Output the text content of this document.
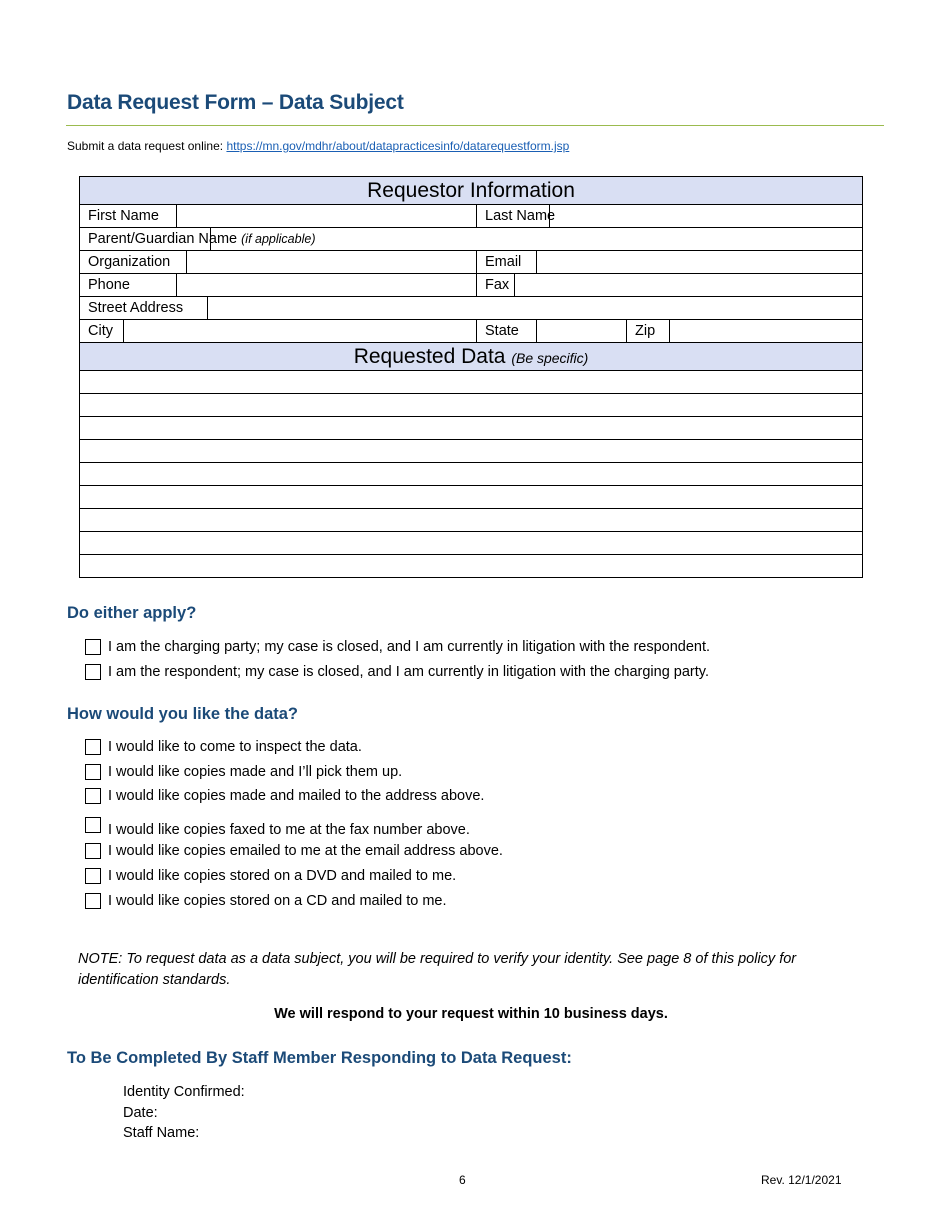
Data Request Form – Data Subject
Submit a data request online: https://mn.gov/mdhr/about/datapracticesinfo/datarequestform.jsp
Requestor Information											
First Name						Last Name					
Parent/Guardian Name (if applicable)											
Organization						Email					
Phone						Fax					
Street Address											
City						State				Zip	
Requested Data (Be specific)											

Do either apply?
I am the charging party; my case is closed, and I am currently in litigation with the respondent.
I am the respondent; my case is closed, and I am currently in litigation with the charging party.
How would you like the data?
I would like to come to inspect the data.
I would like copies made and I’ll pick them up.
I would like copies made and mailed to the address above.
I would like copies faxed to me at the fax number above.
I would like copies emailed to me at the email address above.
I would like copies stored on a DVD and mailed to me.
I would like copies stored on a CD and mailed to me.
NOTE: To request data as a data subject, you will be required to verify your identity. See page 8 of this policy for identification standards.
We will respond to your request within 10 business days.
To Be Completed By Staff Member Responding to Data Request:
Identity Confirmed:
Date:
Staff Name:
6	Rev. 12/1/2021
